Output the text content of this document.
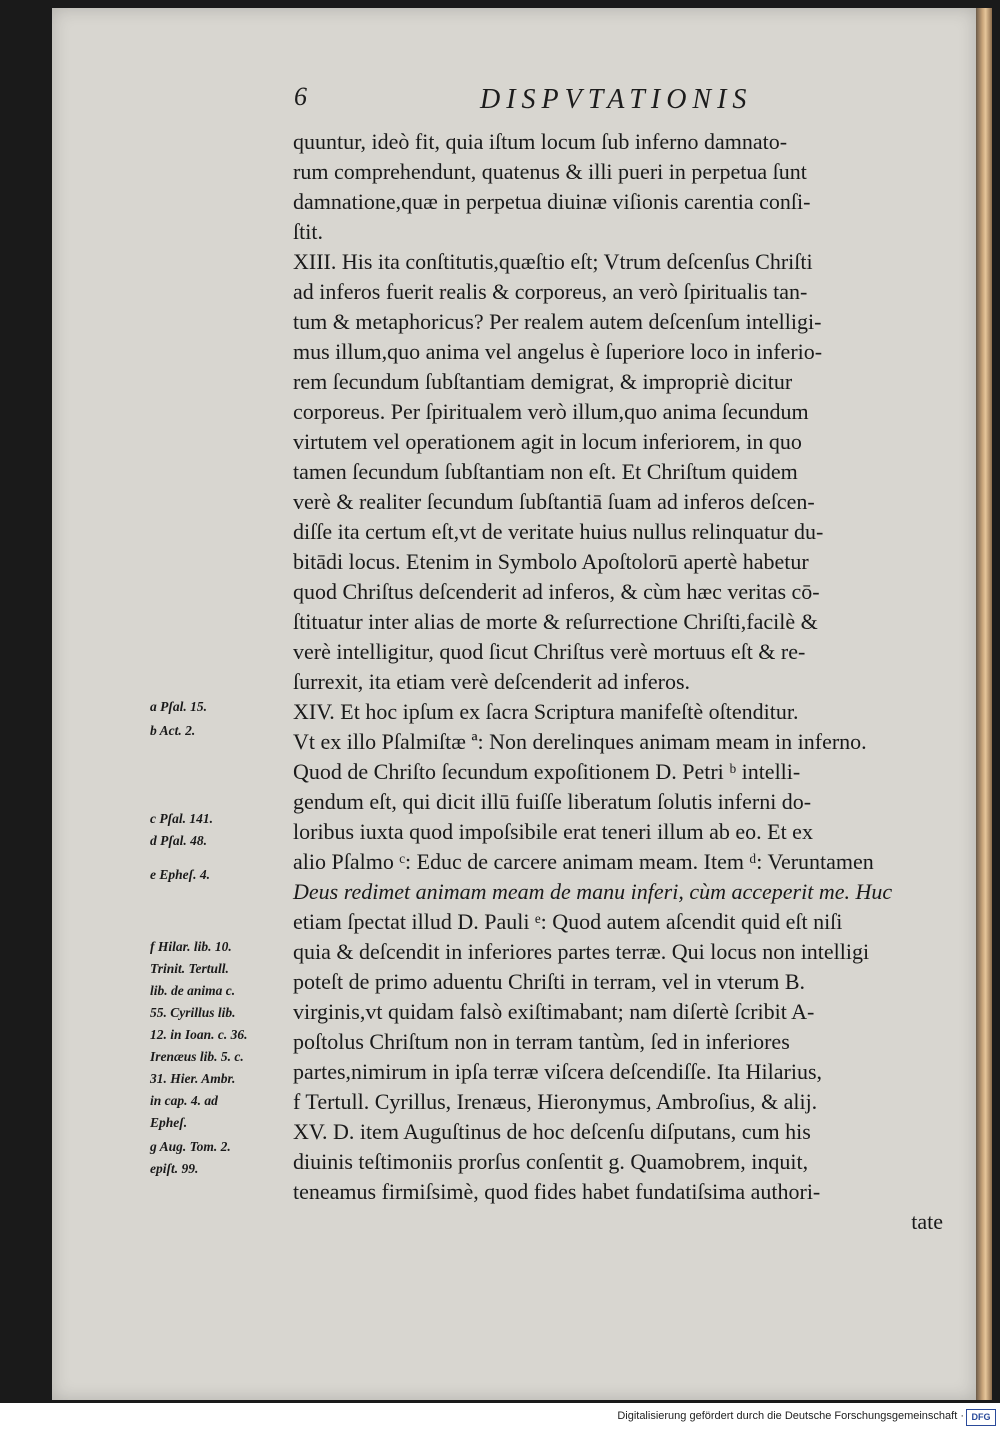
6	DISPVTATIONIS
quuntur, ideò fit, quia iſtum locum ſub inferno damnato-
rum comprehendunt, quatenus & illi pueri in perpetua ſunt
damnatione,quæ in perpetua diuinæ viſionis carentia conſi-
ſtit.
XIII. His ita conſtitutis,quæſtio eſt; Vtrum deſcenſus Chriſti
ad inferos fuerit realis & corporeus, an verò ſpiritualis tan-
tum & metaphoricus? Per realem autem deſcenſum intelligi-
mus illum,quo anima vel angelus è ſuperiore loco in inferio-
rem ſecundum ſubſtantiam demigrat, & impropriè dicitur
corporeus. Per ſpiritualem verò illum,quo anima ſecundum
virtutem vel operationem agit in locum inferiorem, in quo
tamen ſecundum ſubſtantiam non eſt. Et Chriſtum quidem
verè & realiter ſecundum ſubſtantiā ſuam ad inferos deſcen-
diſſe ita certum eſt,vt de veritate huius nullus relinquatur du-
bitādi locus. Etenim in Symbolo Apoſtolorū apertè habetur
quod Chriſtus deſcenderit ad inferos, & cùm hæc veritas cō-
ſtituatur inter alias de morte & reſurrectione Chriſti,facilè &
verè intelligitur, quod ſicut Chriſtus verè mortuus eſt & re-
ſurrexit, ita etiam verè deſcenderit ad inferos.
XIV. Et hoc ipſum ex ſacra Scriptura manifeſtè oſtenditur.
Vt ex illo Pſalmiſtæ ª: Non derelinques animam meam in inferno.
Quod de Chriſto ſecundum expoſitionem D. Petri ᵇ intelli-
gendum eſt, qui dicit illū fuiſſe liberatum ſolutis inferni do-
loribus iuxta quod impoſsibile erat teneri illum ab eo. Et ex
alio Pſalmo ᶜ: Educ de carcere animam meam. Item ᵈ: Veruntamen
Deus redimet animam meam de manu inferi, cùm acceperit me. Huc
etiam ſpectat illud D. Pauli ᵉ: Quod autem aſcendit quid eſt niſi
quia & deſcendit in inferiores partes terræ. Qui locus non intelligi
poteſt de primo aduentu Chriſti in terram, vel in vterum B.
virginis,vt quidam falsò exiſtimabant; nam diſertè ſcribit A-
poſtolus Chriſtum non in terram tantùm, ſed in inferiores
partes,nimirum in ipſa terræ viſcera deſcendiſſe. Ita Hilarius,
f Tertull. Cyrillus, Irenæus, Hieronymus, Ambroſius, & alij.
XV. D. item Auguſtinus de hoc deſcenſu diſputans, cum his
diuinis teſtimoniis prorſus conſentit g. Quamobrem, inquit,
teneamus firmiſsimè, quod fides habet fundatiſsima authori-
tate
a Pſal. 15.
b Act. 2.
c Pſal. 141.
d Pſal. 48.
e Epheſ. 4.
f Hilar. lib. 10.
Trinit. Tertull.
lib. de anima c.
55. Cyrillus lib.
12. in Ioan. c. 36.
Irenæus lib. 5. c.
31. Hier. Ambr.
in cap. 4. ad
Epheſ.
g Aug. Tom. 2.
epiſt. 99.
Digitalisierung gefördert durch die Deutsche Forschungsgemeinschaft · DFG
